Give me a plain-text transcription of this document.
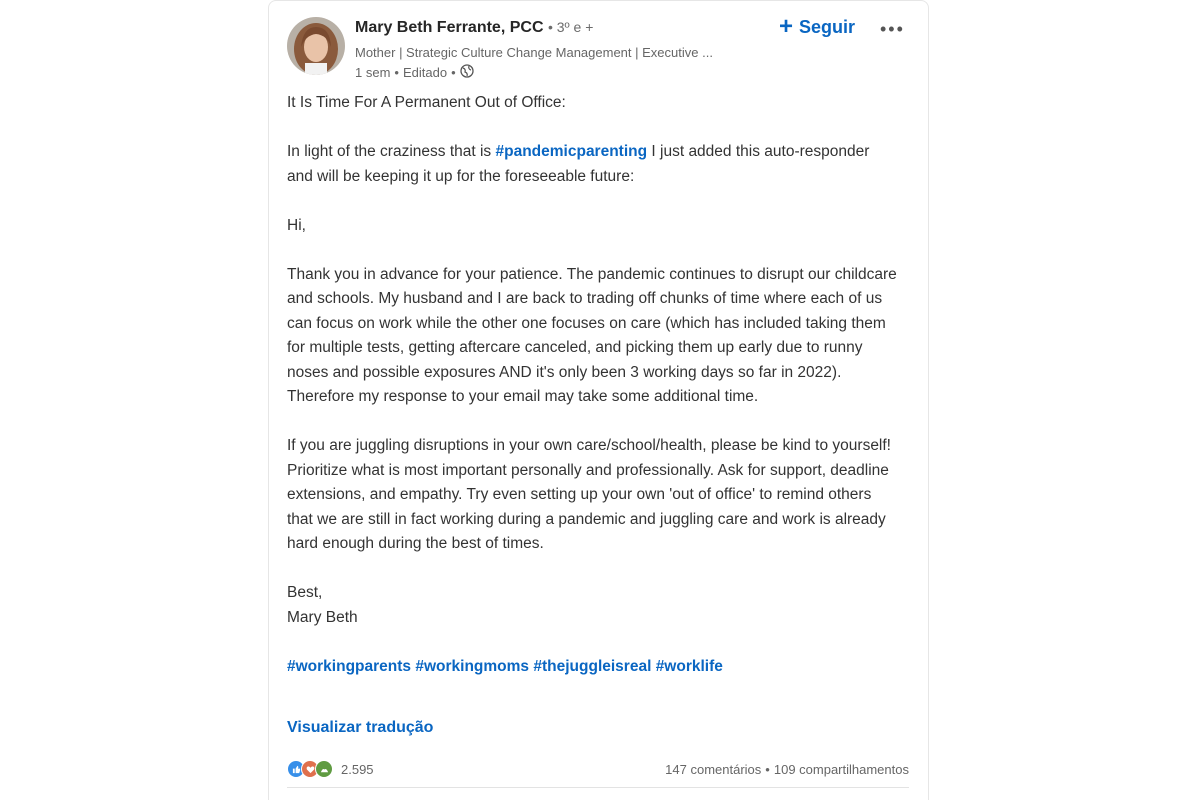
Mary Beth Ferrante, PCC • 3º e +
Mother | Strategic Culture Change Management | Executive ...
1 sem • Editado •
+ Seguir •••

It Is Time For A Permanent Out of Office:

In light of the craziness that is #pandemicparenting I just added this auto-responder and will be keeping it up for the foreseeable future:

Hi,

Thank you in advance for your patience. The pandemic continues to disrupt our childcare and schools. My husband and I are back to trading off chunks of time where each of us can focus on work while the other one focuses on care (which has included taking them for multiple tests, getting aftercare canceled, and picking them up early due to runny noses and possible exposures AND it's only been 3 working days so far in 2022). Therefore my response to your email may take some additional time.

If you are juggling disruptions in your own care/school/health, please be kind to yourself! Prioritize what is most important personally and professionally. Ask for support, deadline extensions, and empathy. Try even setting up your own 'out of office' to remind others that we are still in fact working during a pandemic and juggling care and work is already hard enough during the best of times.

Best,
Mary Beth

#workingparents #workingmoms #thejuggleisreal #worklife

Visualizar tradução
2.595	147 comentários • 109 compartilhamentos
